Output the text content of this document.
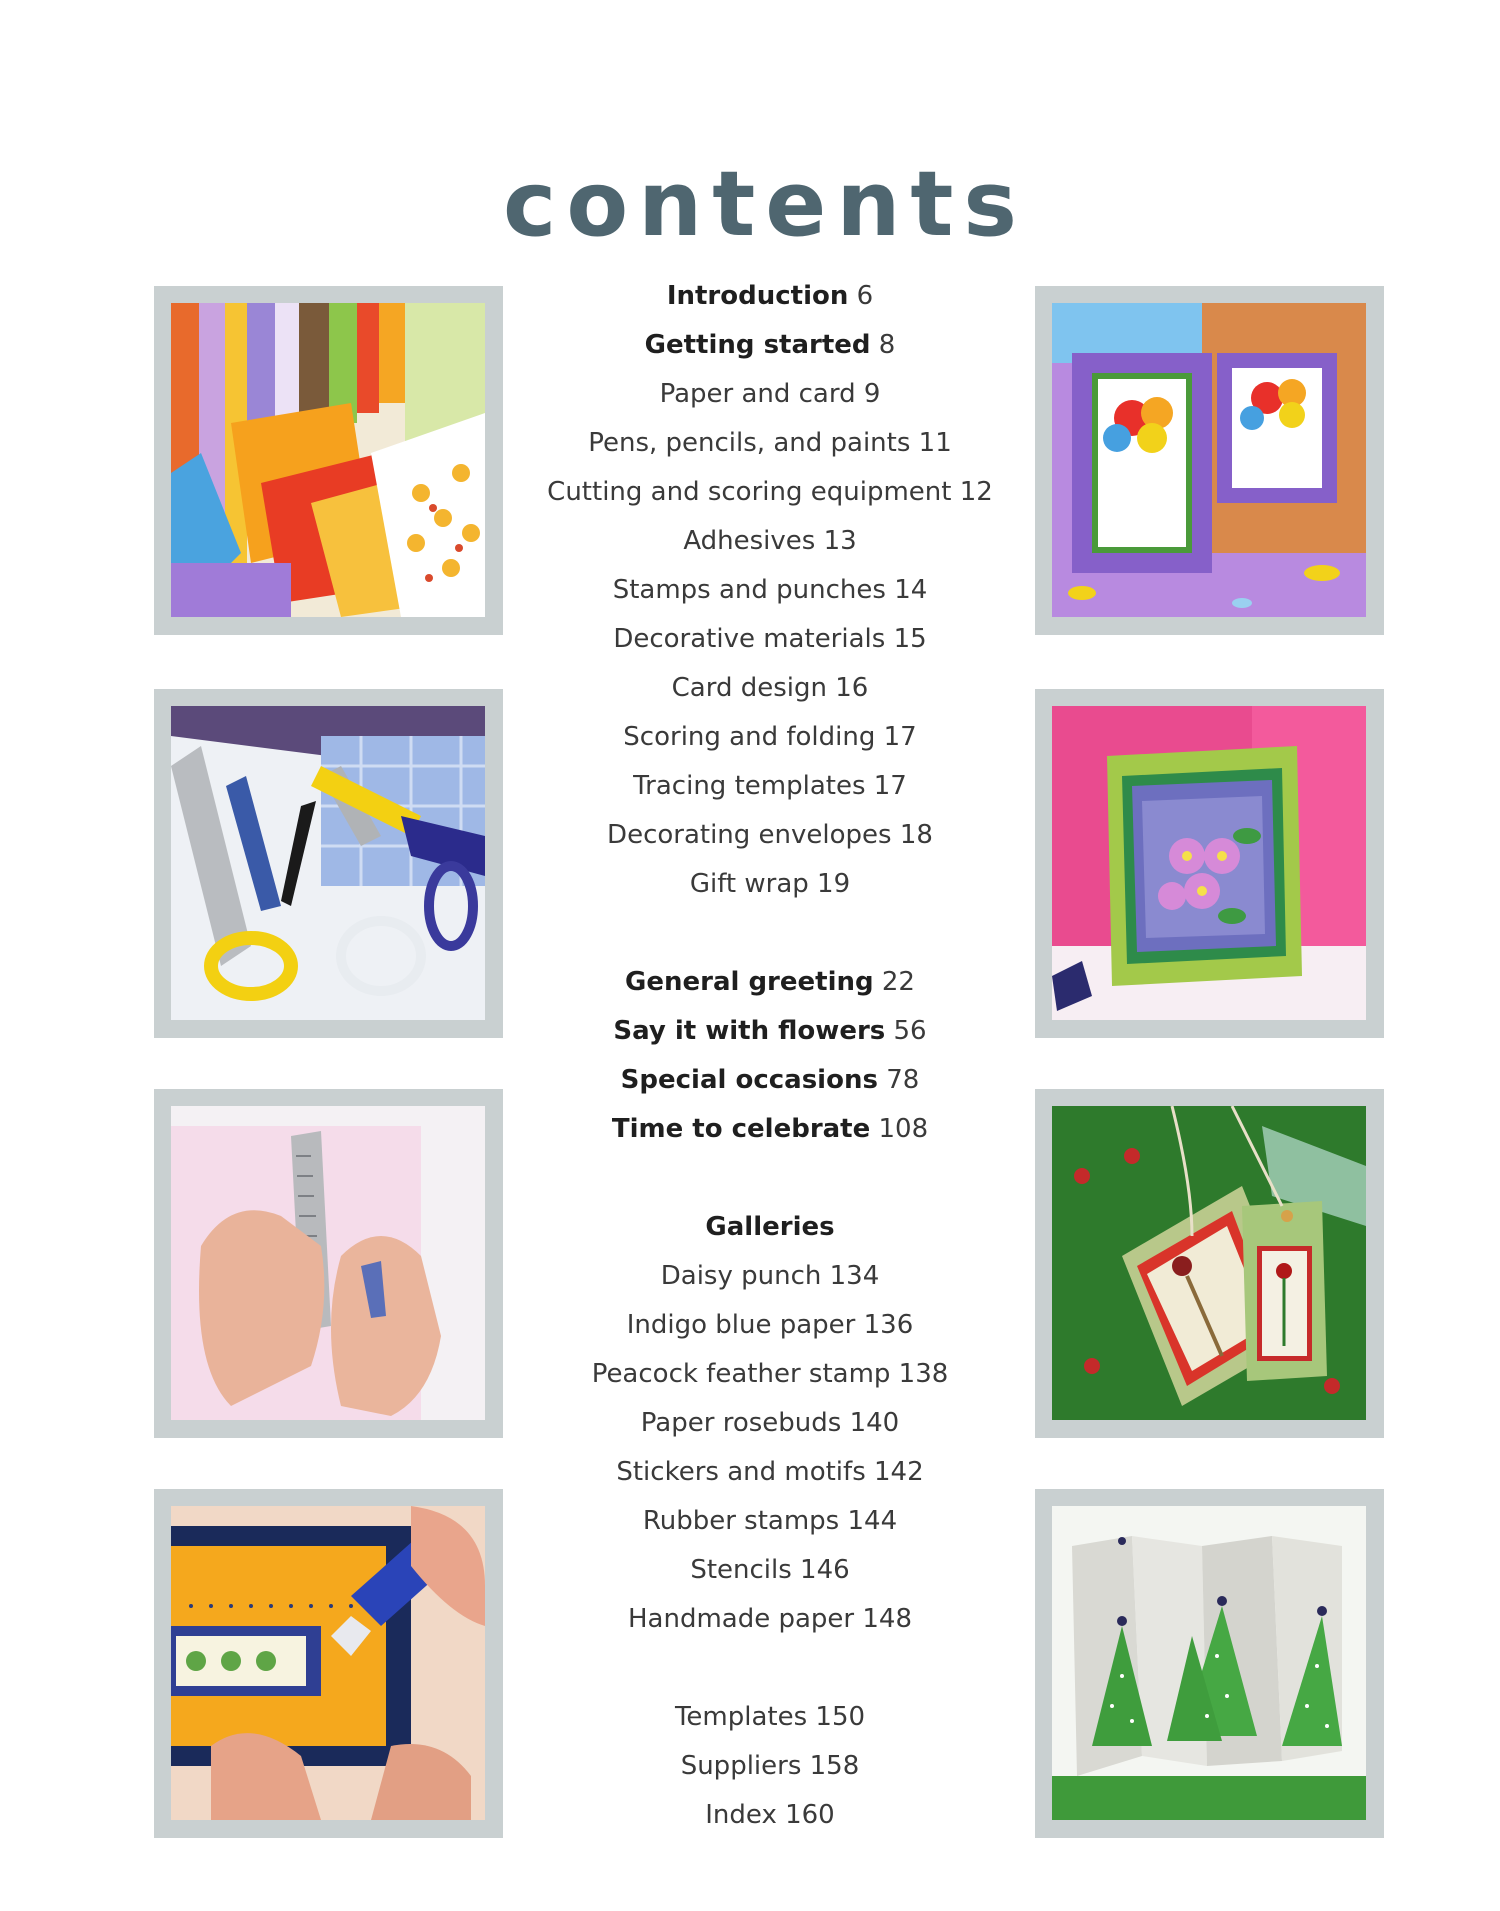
contents
Introduction 6
Getting started 8
Paper and card 9
Pens, pencils, and paints 11
Cutting and scoring equipment 12
Adhesives 13
Stamps and punches 14
Decorative materials 15
Card design 16
Scoring and folding 17
Tracing templates 17
Decorating envelopes 18
Gift wrap 19
General greeting 22
Say it with flowers 56
Special occasions 78
Time to celebrate 108
Galleries
Daisy punch 134
Indigo blue paper 136
Peacock feather stamp 138
Paper rosebuds 140
Stickers and motifs 142
Rubber stamps 144
Stencils 146
Handmade paper 148
Templates 150
Suppliers 158
Index 160
